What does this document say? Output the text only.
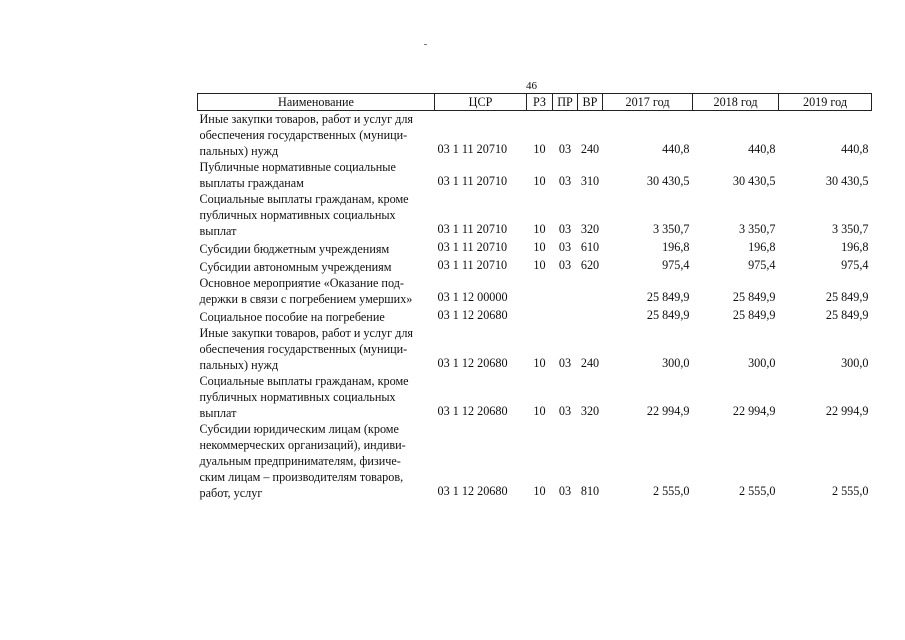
46
Наименование	ЦСР	РЗ	ПР	ВР	2017 год	2018 год	2019 год

Иные закупки товаров, работ и услуг для
обеспечения государственных (муници-
пальных) нужд	03 1 11 20710	10	03	240	440,8	440,8	440,8

Публичные нормативные социальные
выплаты гражданам	03 1 11 20710	10	03	310	30 430,5	30 430,5	30 430,5

Социальные выплаты гражданам, кроме
публичных нормативных социальных
выплат	03 1 11 20710	10	03	320	3 350,7	3 350,7	3 350,7

Субсидии бюджетным учреждениям	03 1 11 20710	10	03	610	196,8	196,8	196,8

Субсидии автономным учреждениям	03 1 11 20710	10	03	620	975,4	975,4	975,4

Основное мероприятие «Оказание под-
держки в связи с погребением умерших»	03 1 12 00000				25 849,9	25 849,9	25 849,9

Социальное пособие на погребение	03 1 12 20680				25 849,9	25 849,9	25 849,9

Иные закупки товаров, работ и услуг для
обеспечения государственных (муници-
пальных) нужд	03 1 12 20680	10	03	240	300,0	300,0	300,0

Социальные выплаты гражданам, кроме
публичных нормативных социальных
выплат	03 1 12 20680	10	03	320	22 994,9	22 994,9	22 994,9

Субсидии юридическим лицам (кроме
некоммерческих организаций), индиви-
дуальным предпринимателям, физиче-
ским лицам – производителям товаров,
работ, услуг	03 1 12 20680	10	03	810	2 555,0	2 555,0	2 555,0
